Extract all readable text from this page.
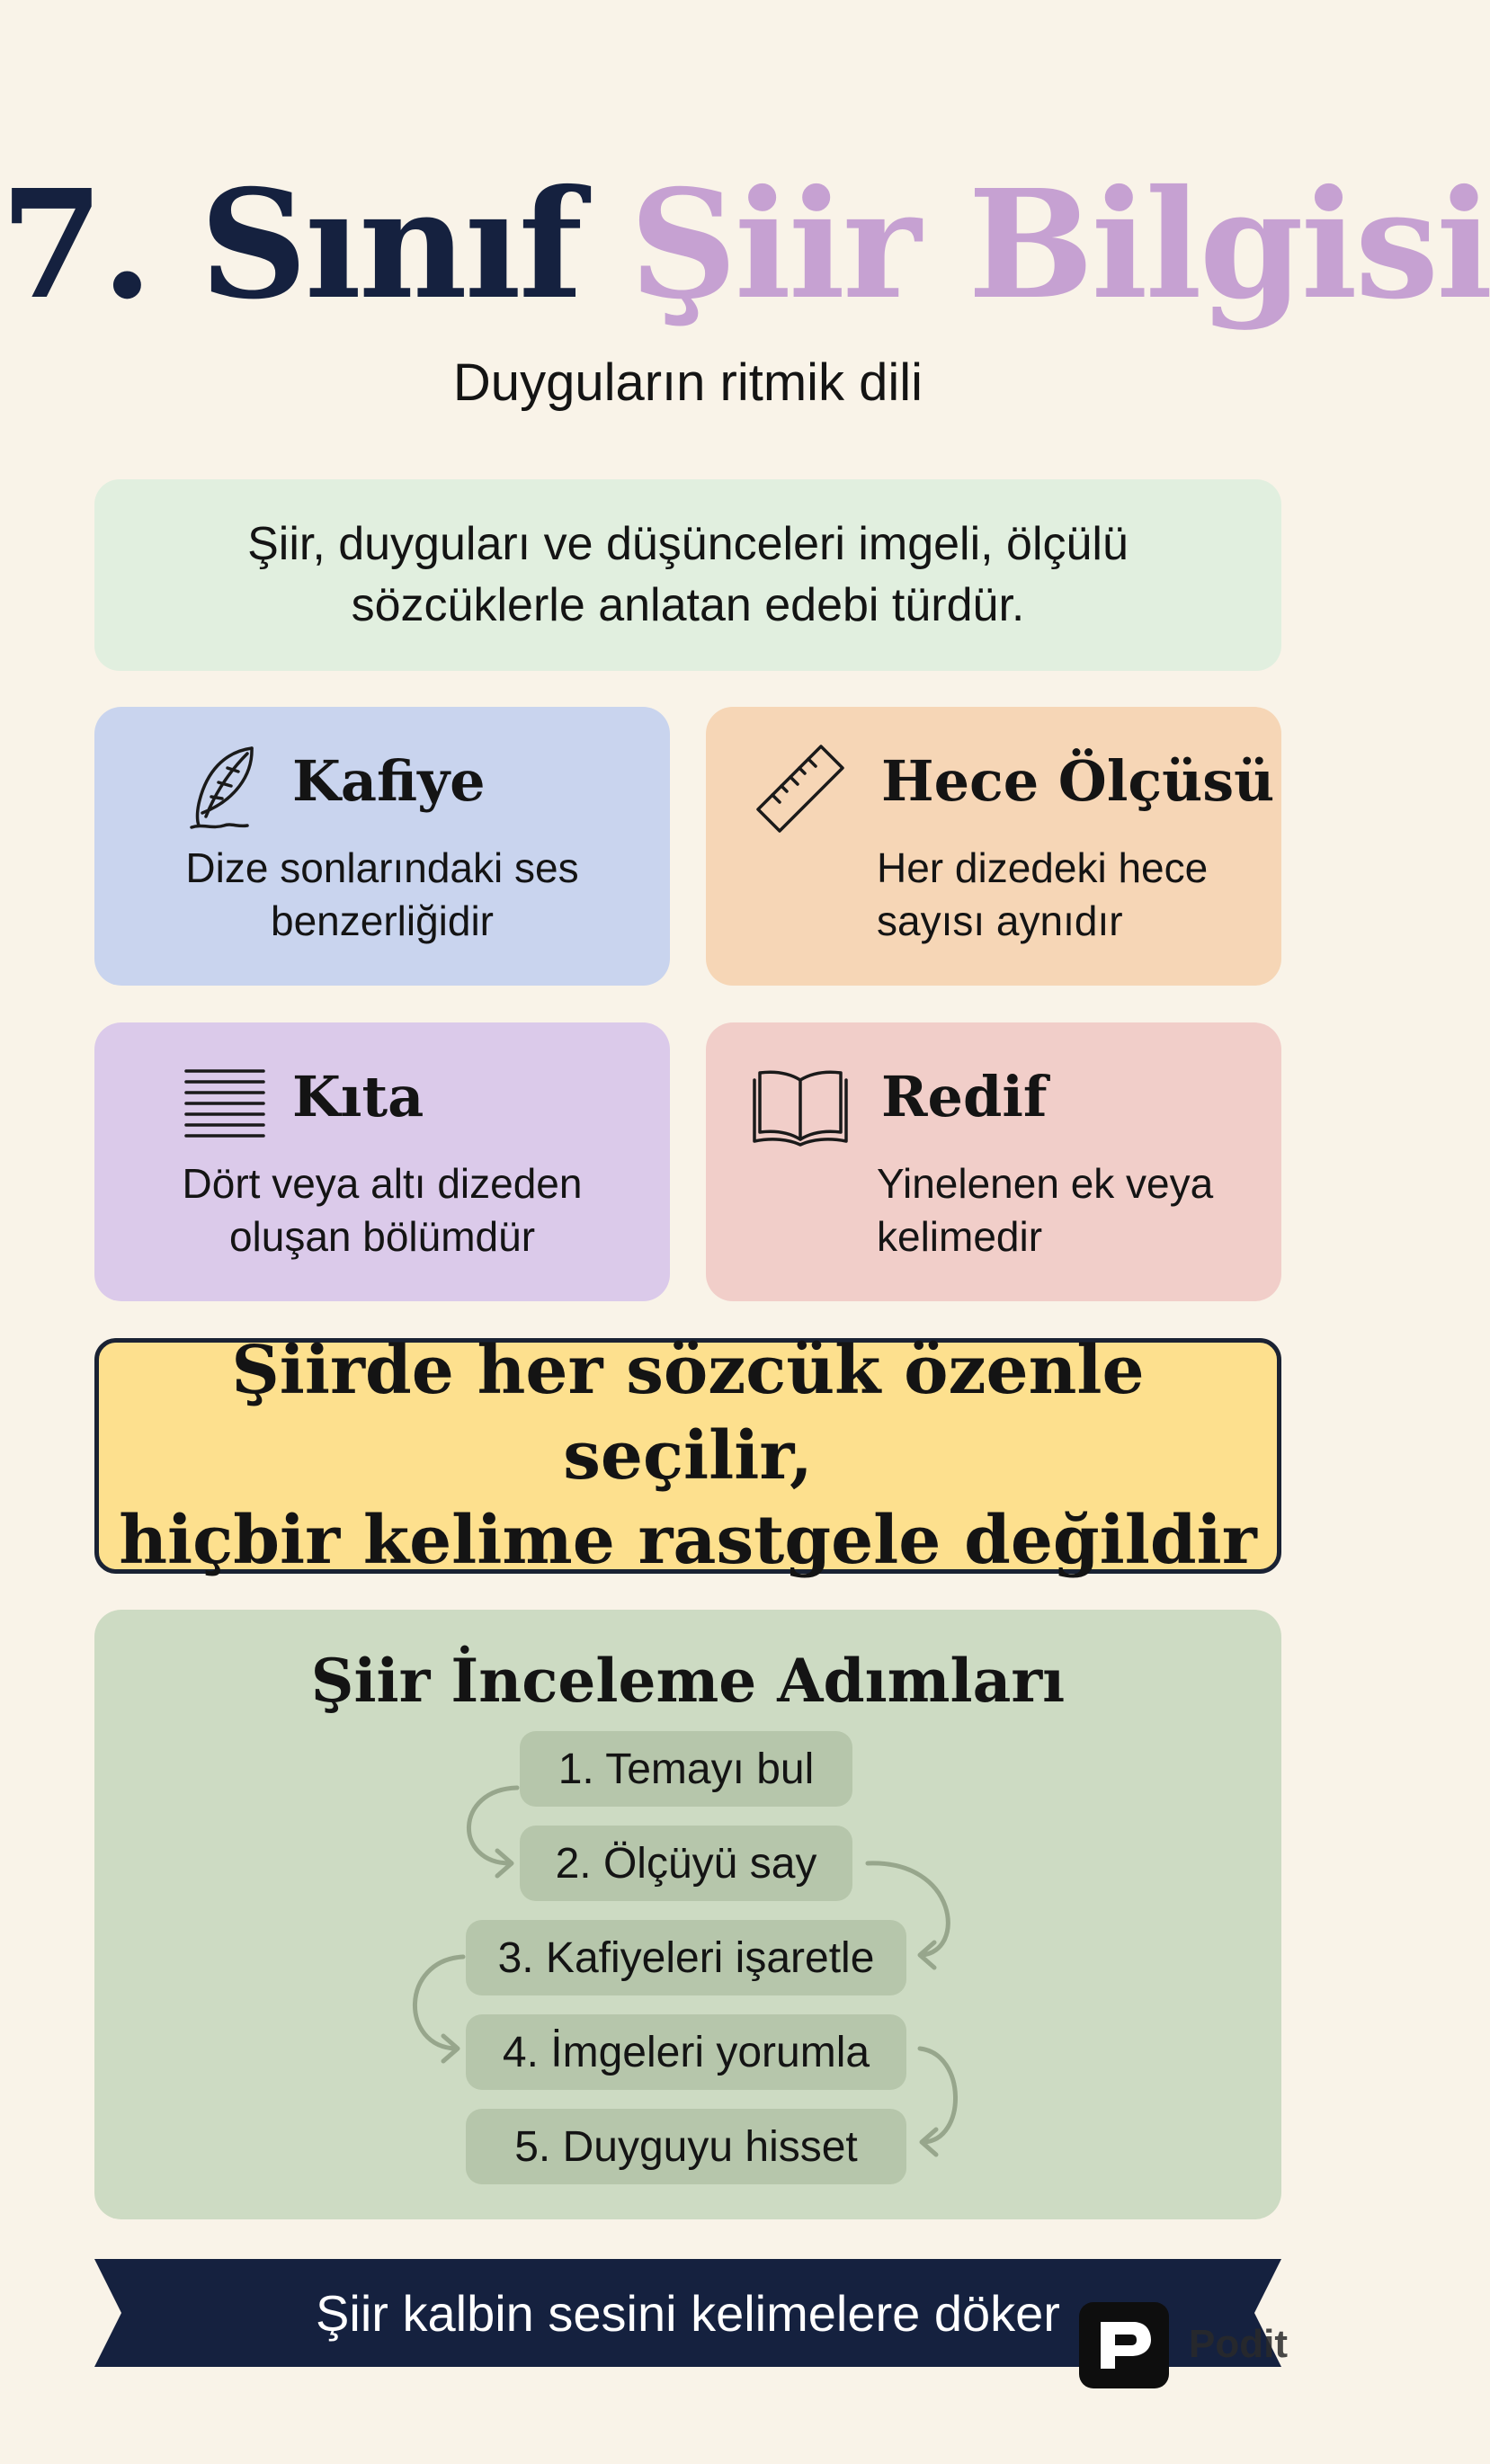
7. Sınıf Şiir Bilgisi
Duyguların ritmik dili
Şiir, duyguları ve düşünceleri imgeli, ölçülü
sözcüklerle anlatan edebi türdür.
Kafiye
Dize sonlarındaki ses
benzerliğidir
Hece Ölçüsü
Her dizedeki hece
sayısı aynıdır
Kıta
Dört veya altı dizeden
oluşan bölümdür
Redif
Yinelenen ek veya
kelimedir
Şiirde her sözcük özenle seçilir,
hiçbir kelime rastgele değildir
Şiir İnceleme Adımları
1. Temayı bul
2. Ölçüyü say
3. Kafiyeleri işaretle
4. İmgeleri yorumla
5. Duyguyu hisset
Şiir kalbin sesini kelimelere döker
Podit
